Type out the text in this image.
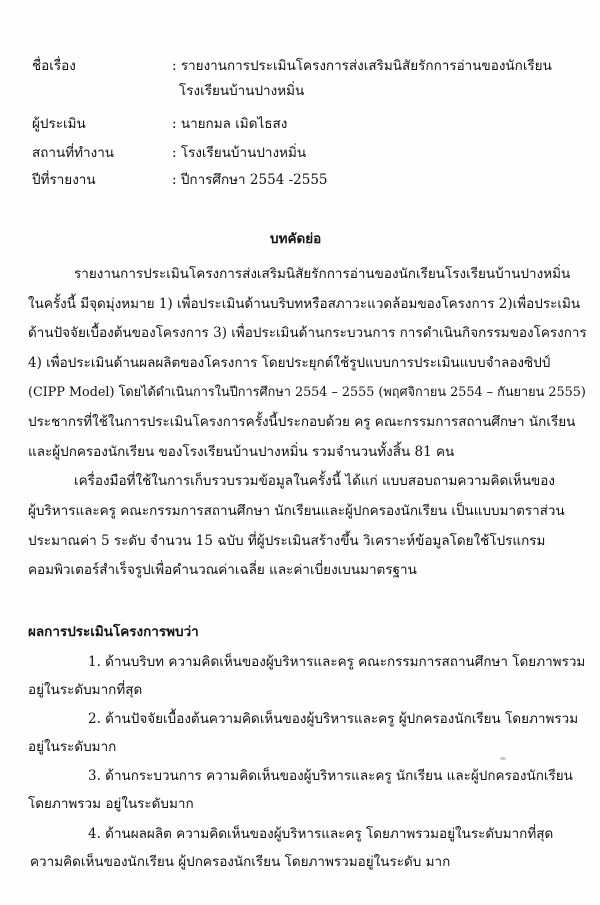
ชื่อเรื่อง	: รายงานการประเมินโครงการส่งเสริมนิสัยรักการอ่านของนักเรียน
โรงเรียนบ้านปางหมิ่น
ผู้ประเมิน	: นายกมล เมิดไธสง
สถานที่ทำงาน	: โรงเรียนบ้านปางหมิ่น
ปีที่รายงาน	: ปีการศึกษา 2554 -2555
บทคัดย่อ
รายงานการประเมินโครงการส่งเสริมนิสัยรักการอ่านของนักเรียนโรงเรียนบ้านปางหมิ่น
ในครั้งนี้ มีจุดมุ่งหมาย 1) เพื่อประเมินด้านบริบทหรือสภาวะแวดล้อมของโครงการ 2)เพื่อประเมิน
ด้านปัจจัยเบื้องต้นของโครงการ 3) เพื่อประเมินด้านกระบวนการ การดำเนินกิจกรรมของโครงการ
4) เพื่อประเมินด้านผลผลิตของโครงการ โดยประยุกต์ใช้รูปแบบการประเมินแบบจำลองซิปป์
(CIPP Model) โดยได้ดำเนินการในปีการศึกษา 2554 – 2555 (พฤศจิกายน 2554 – กันยายน 2555)
ประชากรที่ใช้ในการประเมินโครงการครั้งนี้ประกอบด้วย ครู คณะกรรมการสถานศึกษา นักเรียน
และผู้ปกครองนักเรียน ของโรงเรียนบ้านปางหมิ่น รวมจำนวนทั้งสิ้น 81 คน
เครื่องมือที่ใช้ในการเก็บรวบรวมข้อมูลในครั้งนี้ ได้แก่ แบบสอบถามความคิดเห็นของ
ผู้บริหารและครู คณะกรรมการสถานศึกษา นักเรียนและผู้ปกครองนักเรียน เป็นแบบมาตราส่วน
ประมาณค่า 5 ระดับ จำนวน 15 ฉบับ ที่ผู้ประเมินสร้างขึ้น วิเคราะห์ข้อมูลโดยใช้โปรแกรม
คอมพิวเตอร์สำเร็จรูปเพื่อคำนวณค่าเฉลี่ย และค่าเบี่ยงเบนมาตรฐาน
ผลการประเมินโครงการพบว่า
1. ด้านบริบท ความคิดเห็นของผู้บริหารและครู คณะกรรมการสถานศึกษา โดยภาพรวม
อยู่ในระดับมากที่สุด
2. ด้านปัจจัยเบื้องต้นความคิดเห็นของผู้บริหารและครู ผู้ปกครองนักเรียน โดยภาพรวม
อยู่ในระดับมาก
3. ด้านกระบวนการ ความคิดเห็นของผู้บริหารและครู นักเรียน และผู้ปกครองนักเรียน
โดยภาพรวม อยู่ในระดับมาก
4. ด้านผลผลิต ความคิดเห็นของผู้บริหารและครู โดยภาพรวมอยู่ในระดับมากที่สุด
ความคิดเห็นของนักเรียน ผู้ปกครองนักเรียน โดยภาพรวมอยู่ในระดับ มาก
